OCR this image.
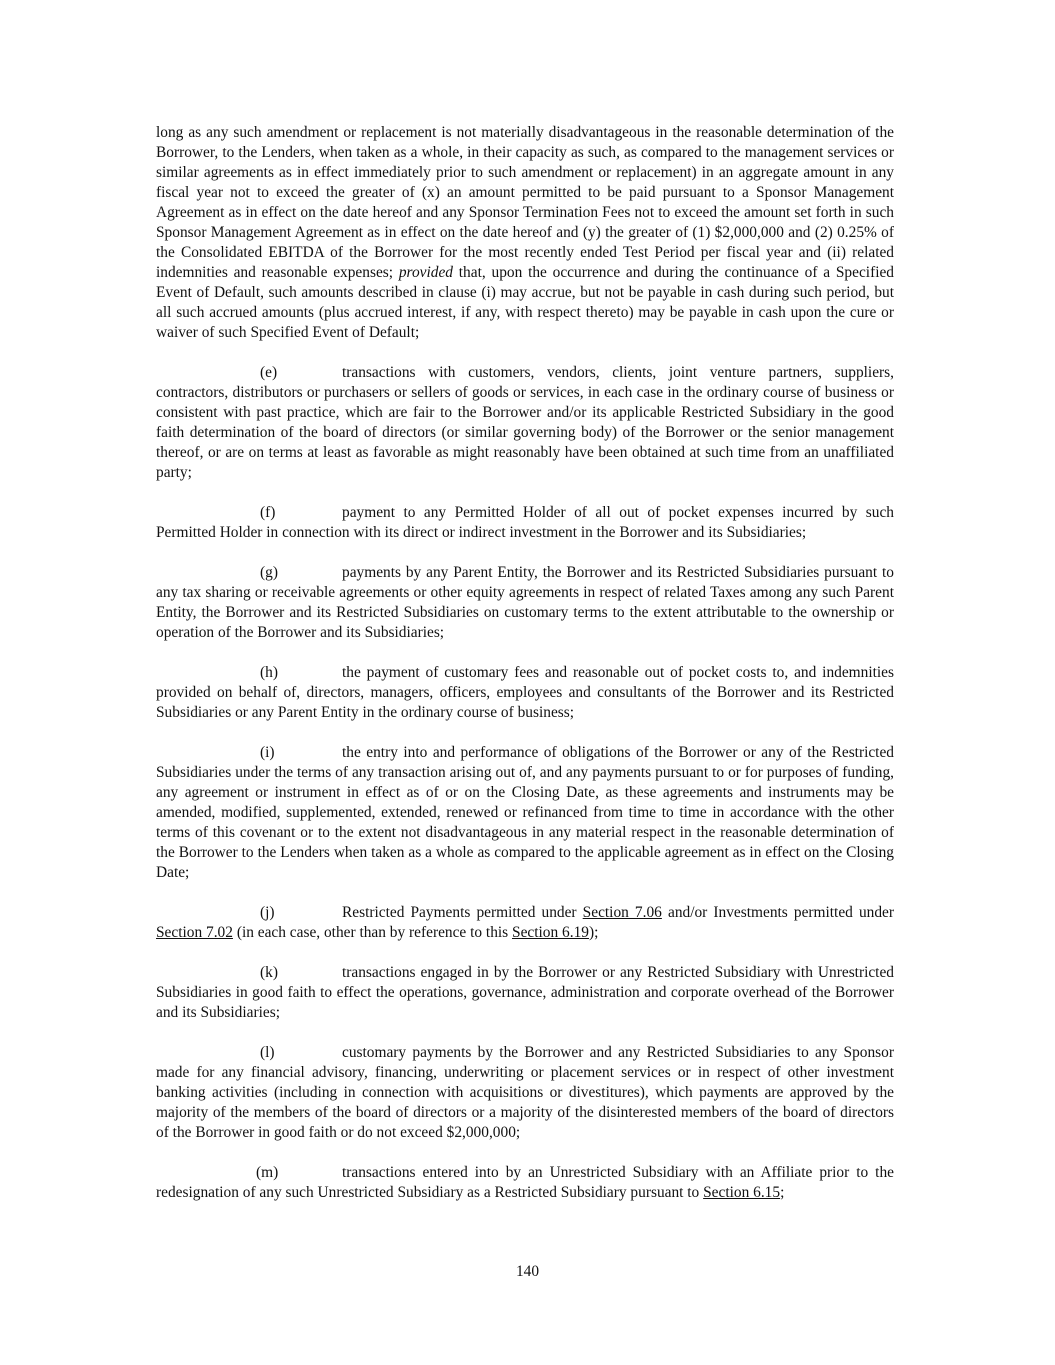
long as any such amendment or replacement is not materially disadvantageous in the reasonable determination of the Borrower, to the Lenders, when taken as a whole, in their capacity as such, as compared to the management services or similar agreements as in effect immediately prior to such amendment or replacement) in an aggregate amount in any fiscal year not to exceed the greater of (x) an amount permitted to be paid pursuant to a Sponsor Management Agreement as in effect on the date hereof and any Sponsor Termination Fees not to exceed the amount set forth in such Sponsor Management Agreement as in effect on the date hereof and (y) the greater of (1) $2,000,000 and (2) 0.25% of the Consolidated EBITDA of the Borrower for the most recently ended Test Period per fiscal year and (ii) related indemnities and reasonable expenses; provided that, upon the occurrence and during the continuance of a Specified Event of Default, such amounts described in clause (i) may accrue, but not be payable in cash during such period, but all such accrued amounts (plus accrued interest, if any, with respect thereto) may be payable in cash upon the cure or waiver of such Specified Event of Default;

(e)	transactions with customers, vendors, clients, joint venture partners, suppliers, contractors, distributors or purchasers or sellers of goods or services, in each case in the ordinary course of business or consistent with past practice, which are fair to the Borrower and/or its applicable Restricted Subsidiary in the good faith determination of the board of directors (or similar governing body) of the Borrower or the senior management thereof, or are on terms at least as favorable as might reasonably have been obtained at such time from an unaffiliated party;

(f)	payment to any Permitted Holder of all out of pocket expenses incurred by such Permitted Holder in connection with its direct or indirect investment in the Borrower and its Subsidiaries;

(g)	payments by any Parent Entity, the Borrower and its Restricted Subsidiaries pursuant to any tax sharing or receivable agreements or other equity agreements in respect of related Taxes among any such Parent Entity, the Borrower and its Restricted Subsidiaries on customary terms to the extent attributable to the ownership or operation of the Borrower and its Subsidiaries;

(h)	the payment of customary fees and reasonable out of pocket costs to, and indemnities provided on behalf of, directors, managers, officers, employees and consultants of the Borrower and its Restricted Subsidiaries or any Parent Entity in the ordinary course of business;

(i)	the entry into and performance of obligations of the Borrower or any of the Restricted Subsidiaries under the terms of any transaction arising out of, and any payments pursuant to or for purposes of funding, any agreement or instrument in effect as of or on the Closing Date, as these agreements and instruments may be amended, modified, supplemented, extended, renewed or refinanced from time to time in accordance with the other terms of this covenant or to the extent not disadvantageous in any material respect in the reasonable determination of the Borrower to the Lenders when taken as a whole as compared to the applicable agreement as in effect on the Closing Date;

(j)	Restricted Payments permitted under Section 7.06 and/or Investments permitted under Section 7.02 (in each case, other than by reference to this Section 6.19);

(k)	transactions engaged in by the Borrower or any Restricted Subsidiary with Unrestricted Subsidiaries in good faith to effect the operations, governance, administration and corporate overhead of the Borrower and its Subsidiaries;

(l)	customary payments by the Borrower and any Restricted Subsidiaries to any Sponsor made for any financial advisory, financing, underwriting or placement services or in respect of other investment banking activities (including in connection with acquisitions or divestitures), which payments are approved by the majority of the members of the board of directors or a majority of the disinterested members of the board of directors of the Borrower in good faith or do not exceed $2,000,000;

(m)	transactions entered into by an Unrestricted Subsidiary with an Affiliate prior to the redesignation of any such Unrestricted Subsidiary as a Restricted Subsidiary pursuant to Section 6.15;

140
